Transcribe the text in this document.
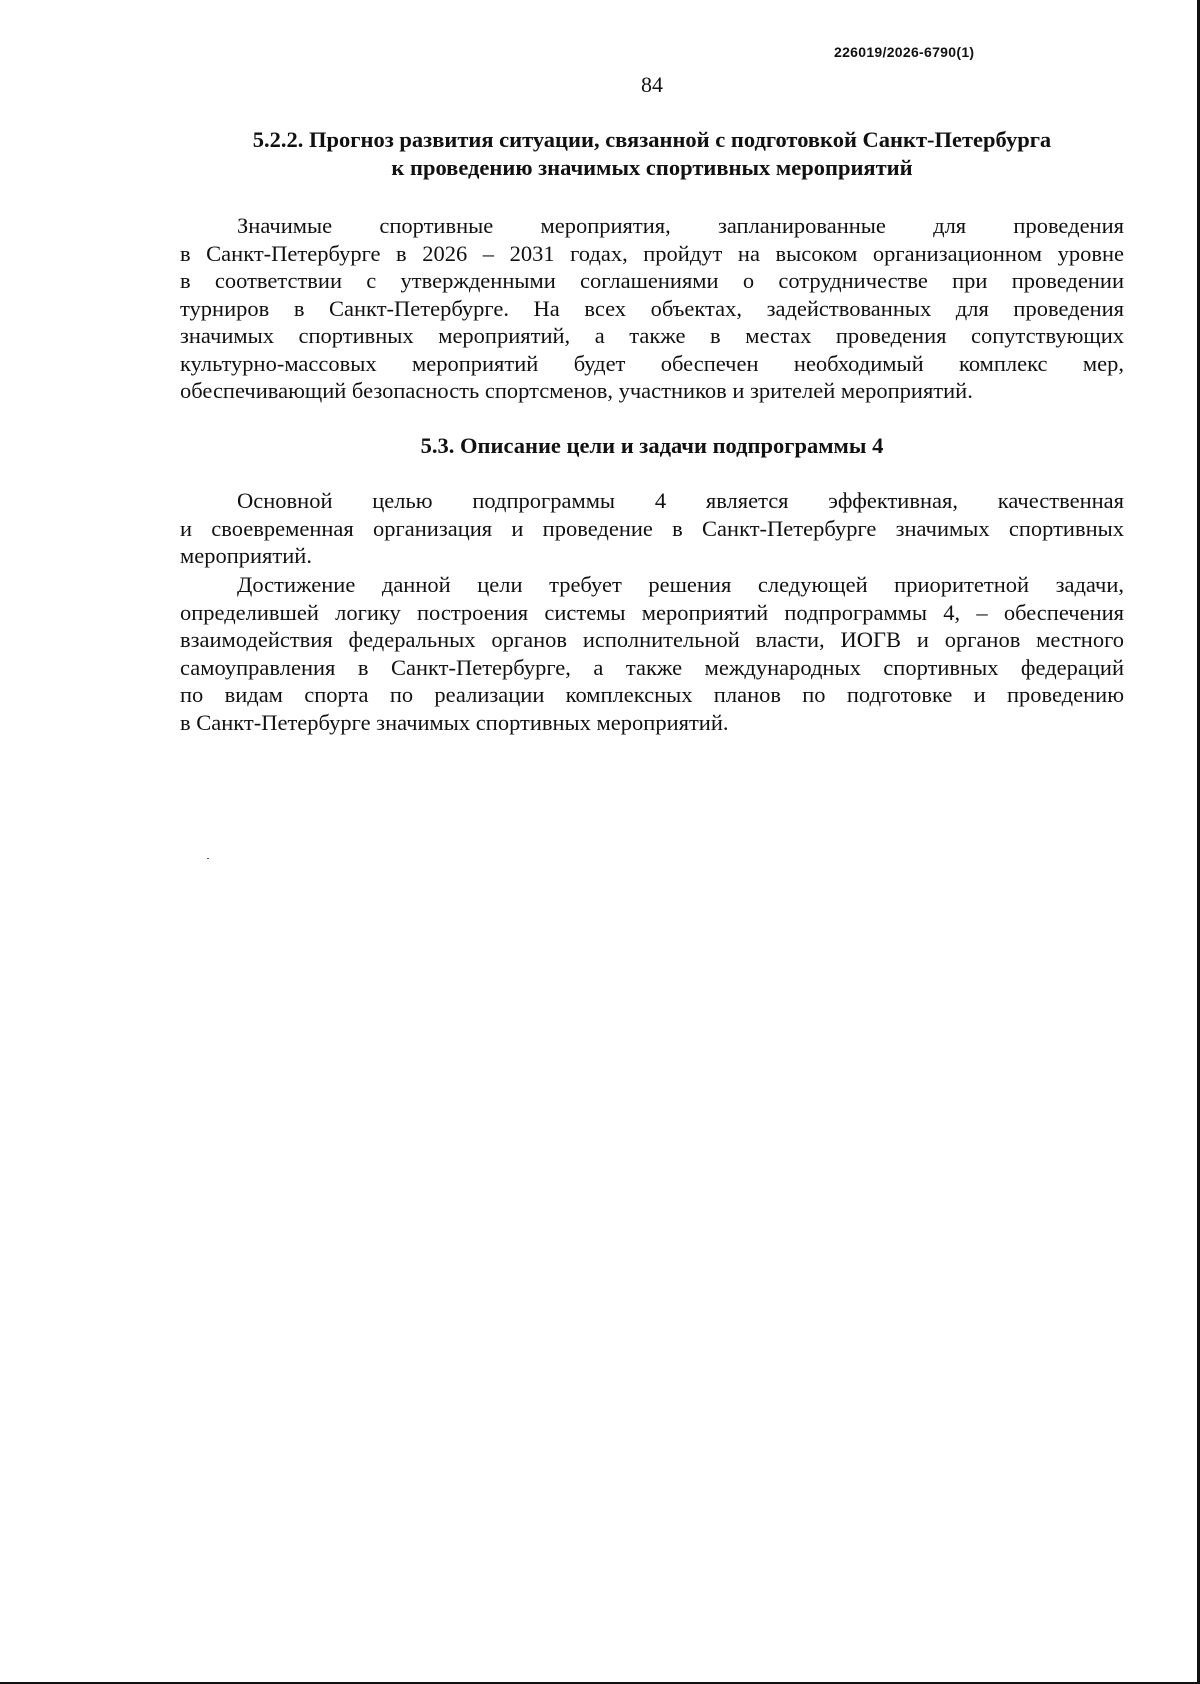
226019/2026-6790(1)
84
5.2.2. Прогноз развития ситуации, связанной с подготовкой Санкт-Петербурга
к проведению значимых спортивных мероприятий
Значимые спортивные мероприятия, запланированные для проведения
в Санкт-Петербурге в 2026 – 2031 годах, пройдут на высоком организационном уровне
в соответствии с утвержденными соглашениями о сотрудничестве при проведении
турниров в Санкт-Петербурге. На всех объектах, задействованных для проведения
значимых спортивных мероприятий, а также в местах проведения сопутствующих
культурно-массовых мероприятий будет обеспечен необходимый комплекс мер,
обеспечивающий безопасность спортсменов, участников и зрителей мероприятий.
5.3. Описание цели и задачи подпрограммы 4
Основной целью подпрограммы 4 является эффективная, качественная
и своевременная организация и проведение в Санкт-Петербурге значимых спортивных
мероприятий.
Достижение данной цели требует решения следующей приоритетной задачи,
определившей логику построения системы мероприятий подпрограммы 4, – обеспечения
взаимодействия федеральных органов исполнительной власти, ИОГВ и органов местного
самоуправления в Санкт-Петербурге, а также международных спортивных федераций
по видам спорта по реализации комплексных планов по подготовке и проведению
в Санкт-Петербурге значимых спортивных мероприятий.
